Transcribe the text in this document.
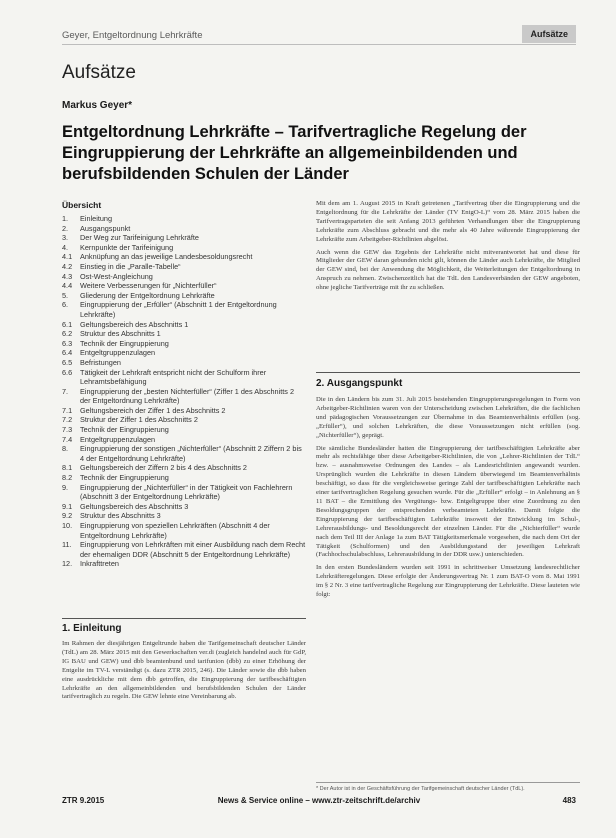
Geyer, Entgeltordnung Lehrkräfte	Aufsätze
Aufsätze
Markus Geyer*
Entgeltordnung Lehrkräfte – Tarifvertragliche Regelung der Eingruppierung der Lehrkräfte an allgemeinbildenden und berufsbildenden Schulen der Länder
Übersicht
1.	Einleitung
2.	Ausgangspunkt
3.	Der Weg zur Tarifeinigung Lehrkräfte
4.	Kernpunkte der Tarifeinigung
4.1	Anknüpfung an das jeweilige Landesbesoldungsrecht
4.2	Einstieg in die „Paralle-Tabelle“
4.3	Ost-West-Angleichung
4.4	Weitere Verbesserungen für „Nichterfüller“
5.	Gliederung der Entgeltordnung Lehrkräfte
6.	Eingruppierung der „Erfüller“ (Abschnitt 1 der Entgeltordnung Lehrkräfte)
6.1	Geltungsbereich des Abschnitts 1
6.2	Struktur des Abschnitts 1
6.3	Technik der Eingruppierung
6.4	Entgeltgruppenzulagen
6.5	Befristungen
6.6	Tätigkeit der Lehrkraft entspricht nicht der Schulform ihrer Lehramtsbefähigung
7.	Eingruppierung der „besten Nichterfüller“ (Ziffer 1 des Abschnitts 2 der Entgeltordnung Lehrkräfte)
7.1	Geltungsbereich der Ziffer 1 des Abschnitts 2
7.2	Struktur der Ziffer 1 des Abschnitts 2
7.3	Technik der Eingruppierung
7.4	Entgeltgruppenzulagen
8.	Eingruppierung der sonstigen „Nichterfüller“ (Abschnitt 2 Ziffern 2 bis 4 der Entgeltordnung Lehrkräfte)
8.1	Geltungsbereich der Ziffern 2 bis 4 des Abschnitts 2
8.2	Technik der Eingruppierung
9.	Eingruppierung der „Nichterfüller“ in der Tätigkeit von Fachlehrern (Abschnitt 3 der Entgeltordnung Lehrkräfte)
9.1	Geltungsbereich des Abschnitts 3
9.2	Struktur des Abschnitts 3
10.	Eingruppierung von speziellen Lehrkräften (Abschnitt 4 der Entgeltordnung Lehrkräfte)
11.	Eingruppierung von Lehrkräften mit einer Ausbildung nach dem Recht der ehemaligen DDR (Abschnitt 5 der Entgeltordnung Lehrkräfte)
12.	Inkrafttreten
1. Einleitung
Im Rahmen der diesjährigen Entgeltrunde haben die Tarifgemeinschaft deutscher Länder (TdL) am 28. März 2015 mit den Gewerkschaften ver.di (zugleich handelnd auch für GdP, IG BAU und GEW) und dbb beamtenbund und tarifunion (dbb) zu einer Erhöhung der Entgelte im TV-L verständigt (s. dazu ZTR 2015, 246). Die Länder sowie die dbb haben eine ausdrückliche mit dem dbb getroffen, die Eingruppierung der tarifbeschäftigten Lehrkräfte an den allgemeinbildenden und berufsbildenden Schulen der Länder tarifvertraglich zu regeln. Die GEW lehnte eine Vereinbarung ab.

Mit dem am 1. August 2015 in Kraft getretenen „Tarifvertrag über die Eingruppierung und die Entgeltordnung für die Lehrkräfte der Länder (TV EntgO-L)“ vom 28. März 2015 haben die Tarifvertragsparteien die seit Anfang 2013 geführten Verhandlungen über die Eingruppierung Lehrkräfte zum Abschluss gebracht und die mehr als 40 Jahre währende Eingruppierung der Lehrkräfte zum Arbeitgeber-Richtlinien abgelöst.

Auch wenn die GEW das Ergebnis der Lehrkräfte nicht mitverantwortet hat und diese für Mitglieder der GEW daran gebunden nicht gilt, können die Länder auch Lehrkräfte, die Mitglied der GEW sind, bei der Anwendung die Möglichkeit, die Weiterleitungen der Entgeltordnung in Anspruch zu nehmen. Zwischenzeitlich hat die TdL den Landesverbänden der GEW angeboten, ohne jegliche Tarifverträge mit ihr zu schließen.

2. Ausgangspunkt

Die in den Ländern bis zum 31. Juli 2015 bestehenden Eingruppierungsregelungen in Form von Arbeitgeber-Richtlinien waren von der Unterscheidung zwischen Lehrkräften, die die fachlichen und pädagogischen Voraussetzungen zur Übernahme in das Beamtenverhältnis erfüllen (sog. „Erfüller“), und solchen Lehrkräften, die diese Voraussetzungen nicht erfüllen (sog. „Nichterfüller“), geprägt.

Die sämtliche Bundesländer hatten die Eingruppierung der tarifbeschäftigten Lehrkräfte aber mehr als rechtsfähige über diese Arbeitgeber-Richtlinien, die von „Lehrer-Richtlinien der TdL“ bzw. – ausnahmsweise Ordnungen des Landes – als Landesrichtlinien angewandt wurden. Ursprünglich wurden die Lehrkräfte in diesen Ländern überwiegend im Beamtenverhältnis beschäftigt, so dass für die vergleichsweise geringe Zahl der tarifbeschäftigten Lehrkräfte nach einer tarifvertraglichen Regelung gesuchen wurde. Für die „Erfüller“ erfolgt – in Anlehnung an § 11 BAT – die Ermittlung des Vergütungs- bzw. Entgeltgruppe über eine Zuordnung zu den Besoldungsgruppen der entsprechenden verbeamteten Lehrkräfte. Damit folgte die Eingruppierung der tarifbeschäftigten Lehrkräfte insoweit der Entwicklung im Schul-, Lehrerausbildungs- und Besoldungsrecht der einzelnen Länder. Für die „Nichterfüller“ wurde nach dem Teil III der Anlage 1a zum BAT Tätigkeitsmerkmale vorgesehen, die nach dem Ort der Tätigkeit (Schulformen) und den Ausbildungsstand der jeweiligen Lehrkraft (Fachhochschulabschluss, Lehrerausbildung in der DDR usw.) unterschieden.

In den ersten Bundesländern wurden seit 1991 in schrittweiser Umsetzung landesrechtlicher Lehrkräfteregelungen. Diese erfolgte der Änderungsvertrag Nr. 1 zum BAT-O vom 8. Mai 1991 im § 2 Nr. 3 eine tarifvertragliche Regelung zur Eingruppierung der Lehrkräfte. Diese lauteten wie folgt:

* Der Autor ist in der Geschäftsführung der Tarifgemeinschaft deutscher Länder (TdL).
ZTR 9.2015	News & Service online – www.ztr-zeitschrift.de/archiv	483
